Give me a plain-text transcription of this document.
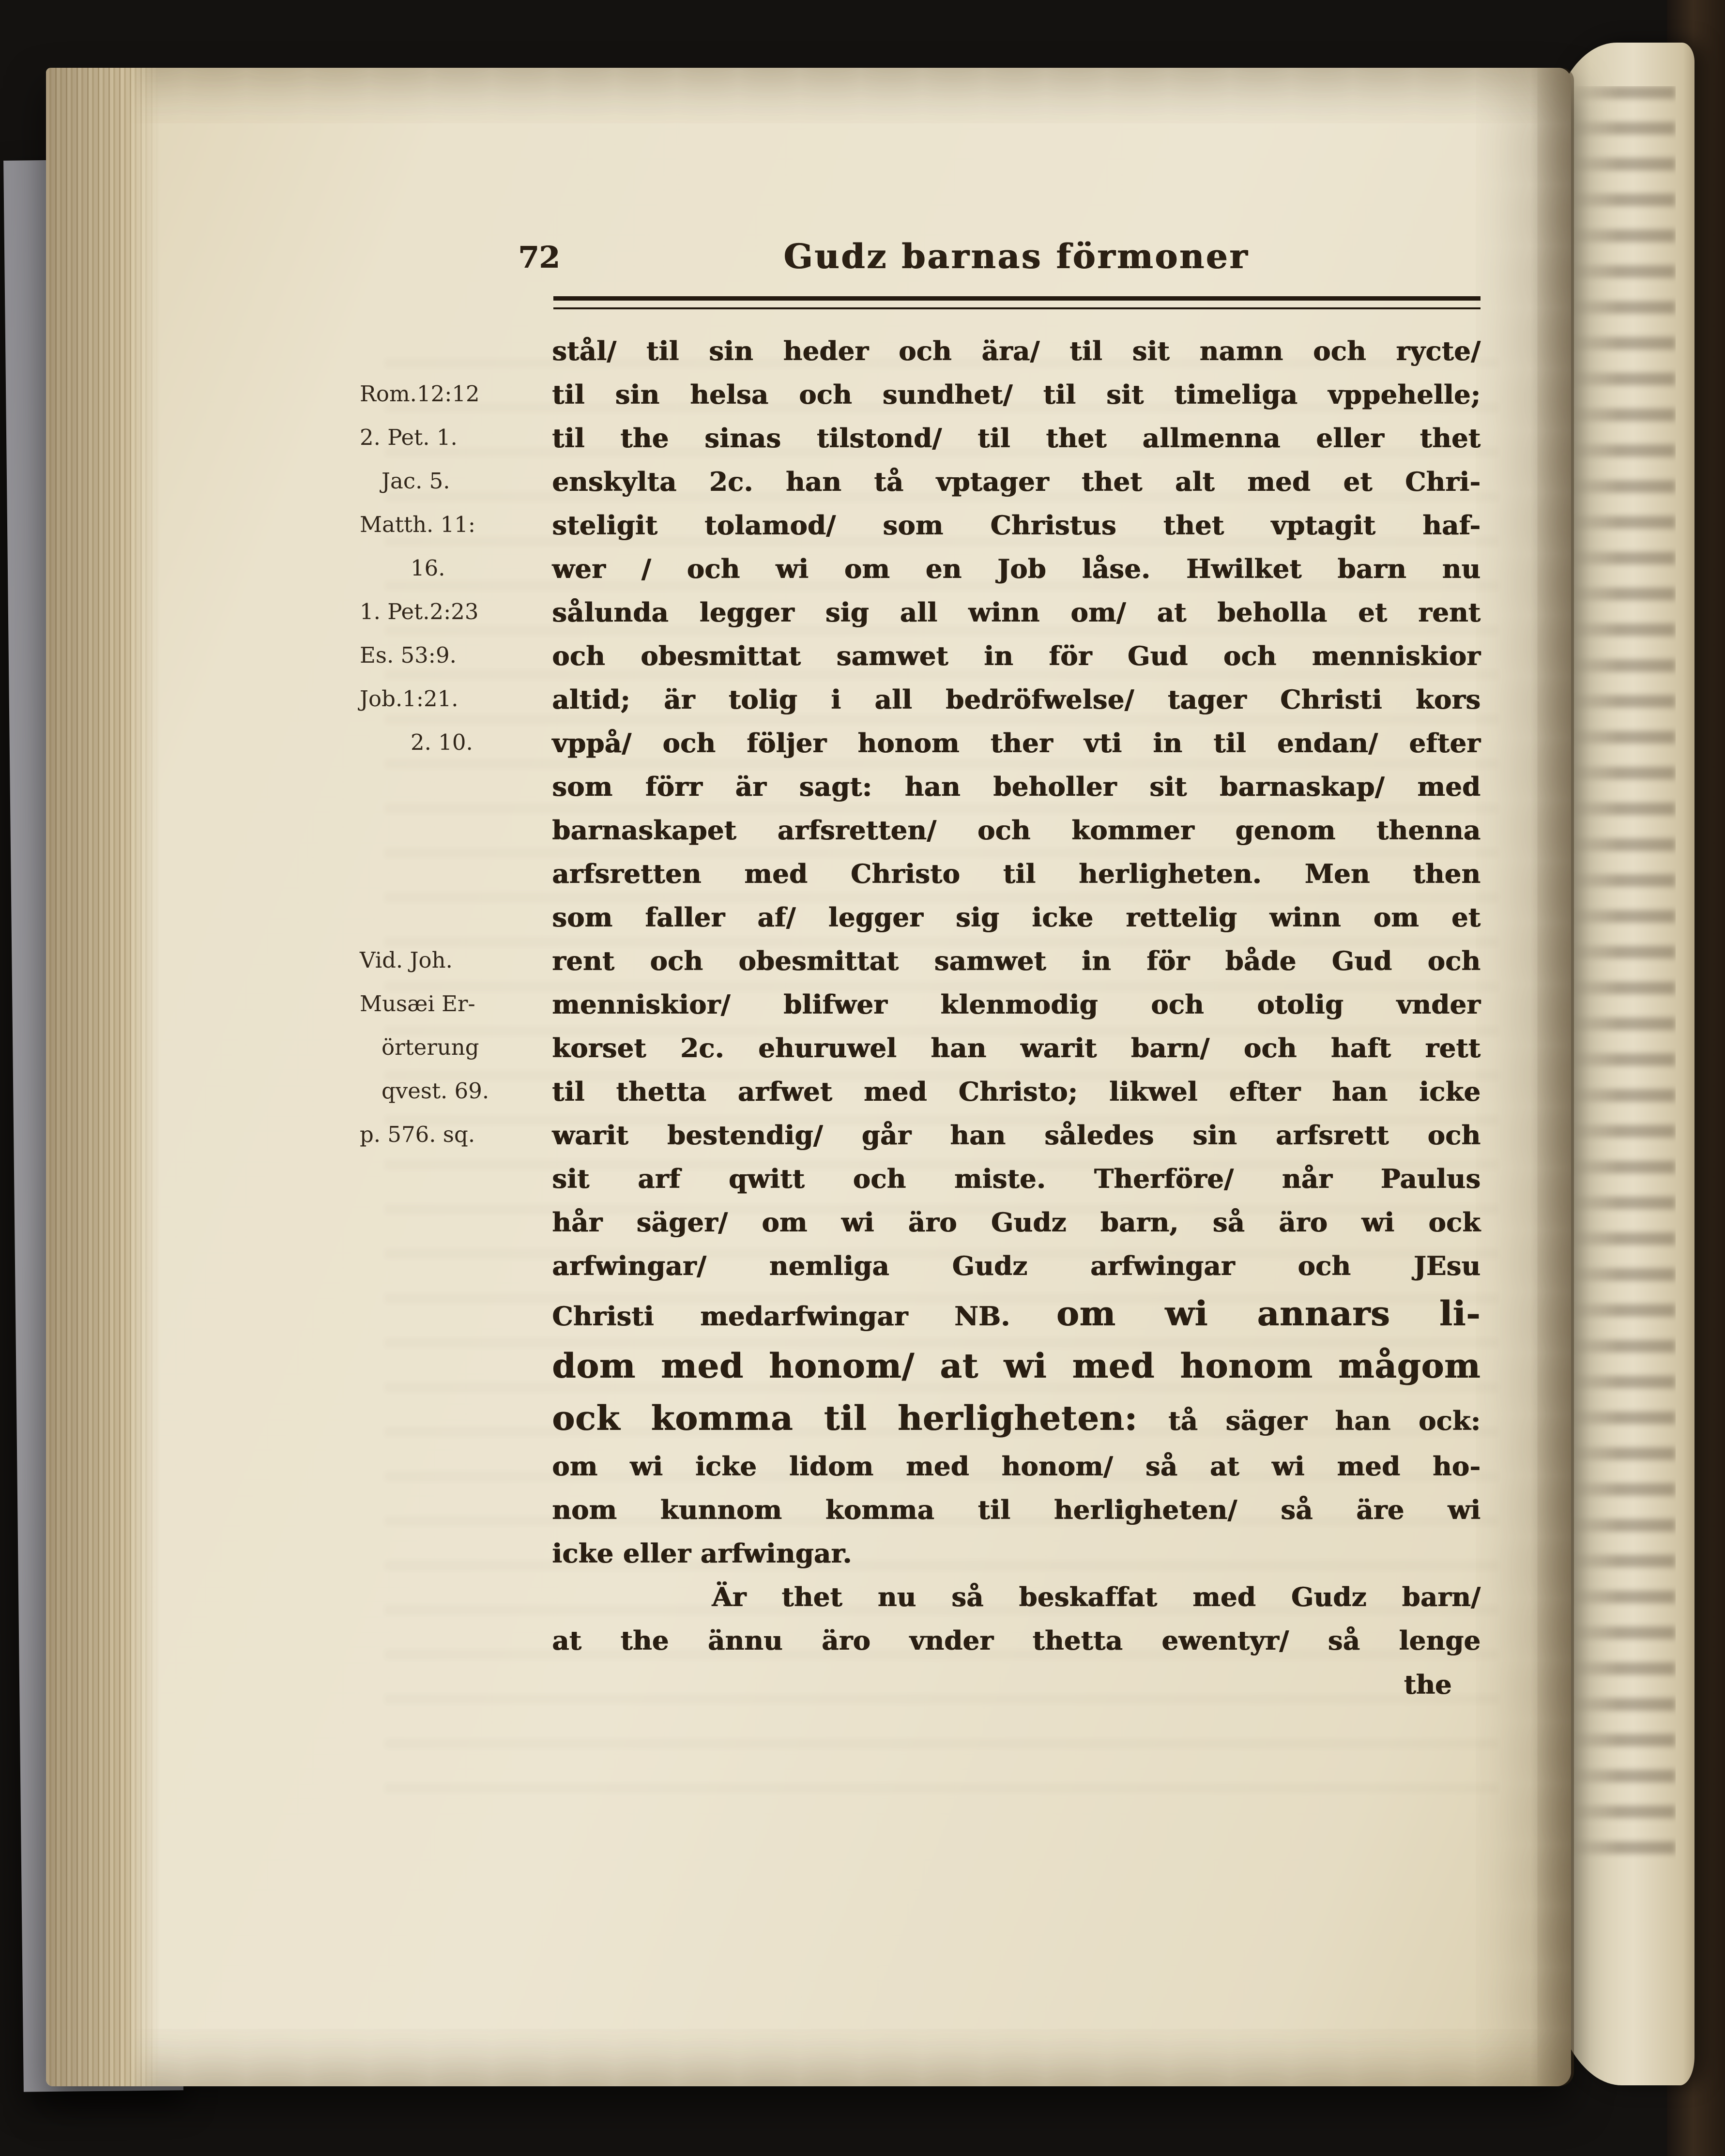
72	Gudz barnas förmoner
Rom.12:12
2. Pet. 1.
Jac. 5.
Matth. 11:
16.
1. Pet.2:23
Es. 53:9.
Job.1:21.
2. 10.
Vid. Joh.
Musæi Er-
örterung
qvest. 69.
p. 576. sq.
stål/ til sin heder och ära/ til sit namn och rycte/
til sin helsa och sundhet/ til sit timeliga vppehelle;
til the sinas tilstond/ til thet allmenna eller thet
enskylta 2c. han tå vptager thet alt med et Chri-
steligit tolamod/ som Christus thet vptagit haf-
wer / och wi om en Job låse. Hwilket barn nu
sålunda legger sig all winn om/ at beholla et rent
och obesmittat samwet in för Gud och menniskior
altid; är tolig i all bedröfwelse/ tager Christi kors
vppå/ och följer honom ther vti in til endan/ efter
som förr är sagt: han beholler sit barnaskap/ med
barnaskapet arfsretten/ och kommer genom thenna
arfsretten med Christo til herligheten. Men then
som faller af/ legger sig icke rettelig winn om et
rent och obesmittat samwet in för både Gud och
menniskior/ blifwer klenmodig och otolig vnder
korset 2c. ehuruwel han warit barn/ och haft rett
til thetta arfwet med Christo; likwel efter han icke
warit bestendig/ går han således sin arfsrett och
sit arf qwitt och miste. Therföre/ når Paulus
hår säger/ om wi äro Gudz barn, så äro wi ock
arfwingar/ nemliga Gudz arfwingar och JEsu
Christi medarfwingar NB. om wi annars li-
dom med honom/ at wi med honom mågom
ock komma til herligheten: tå säger han ock:
om wi icke lidom med honom/ så at wi med ho-
nom kunnom komma til herligheten/ så äre wi
icke eller arfwingar.
Är thet nu så beskaffat med Gudz barn/
at the ännu äro vnder thetta ewentyr/ så lenge
the
